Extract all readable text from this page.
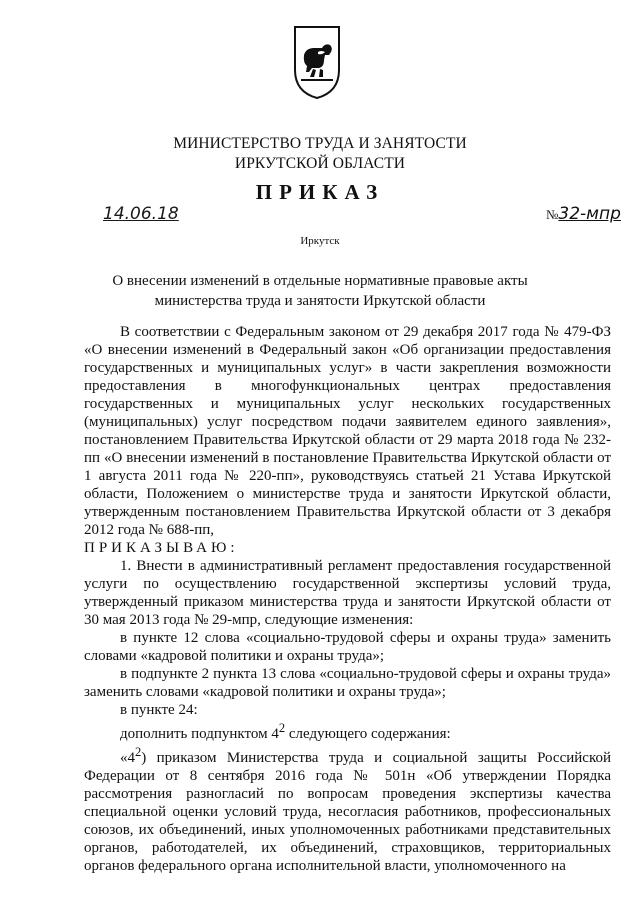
МИНИСТЕРСТВО ТРУДА И ЗАНЯТОСТИ
ИРКУТСКОЙ ОБЛАСТИ
ПРИКАЗ
14.06.18	№32-мпр
Иркутск
О внесении изменений в отдельные нормативные правовые акты
министерства труда и занятости Иркутской области

В соответствии с Федеральным законом от 29 декабря 2017 года № 479-ФЗ «О внесении изменений в Федеральный закон «Об организации предоставления государственных и муниципальных услуг» в части закрепления возможности предоставления в многофункциональных центрах предоставления государственных и муниципальных услуг нескольких государственных (муниципальных) услуг посредством подачи заявителем единого заявления», постановлением Правительства Иркутской области от 29 марта 2018 года № 232-пп «О внесении изменений в постановление Правительства Иркутской области от 1 августа 2011 года № 220-пп», руководствуясь статьей 21 Устава Иркутской области, Положением о министерстве труда и занятости Иркутской области, утвержденным постановлением Правительства Иркутской области от 3 декабря 2012 года № 688-пп,

ПРИКАЗЫВАЮ:

1. Внести в административный регламент предоставления государственной услуги по осуществлению государственной экспертизы условий труда, утвержденный приказом министерства труда и занятости Иркутской области от 30 мая 2013 года № 29-мпр, следующие изменения:

в пункте 12 слова «социально-трудовой сферы и охраны труда» заменить словами «кадровой политики и охраны труда»;

в подпункте 2 пункта 13 слова «социально-трудовой сферы и охраны труда» заменить словами «кадровой политики и охраны труда»;

в пункте 24:

дополнить подпунктом $4^2$ следующего содержания:

«$4^2$) приказом Министерства труда и социальной защиты Российской Федерации от 8 сентября 2016 года № 501н «Об утверждении Порядка рассмотрения разногласий по вопросам проведения экспертизы качества специальной оценки условий труда, несогласия работников, профессиональных союзов, их объединений, иных уполномоченных работниками представительных органов, работодателей, их объединений, страховщиков, территориальных органов федерального органа исполнительной власти, уполномоченного на
